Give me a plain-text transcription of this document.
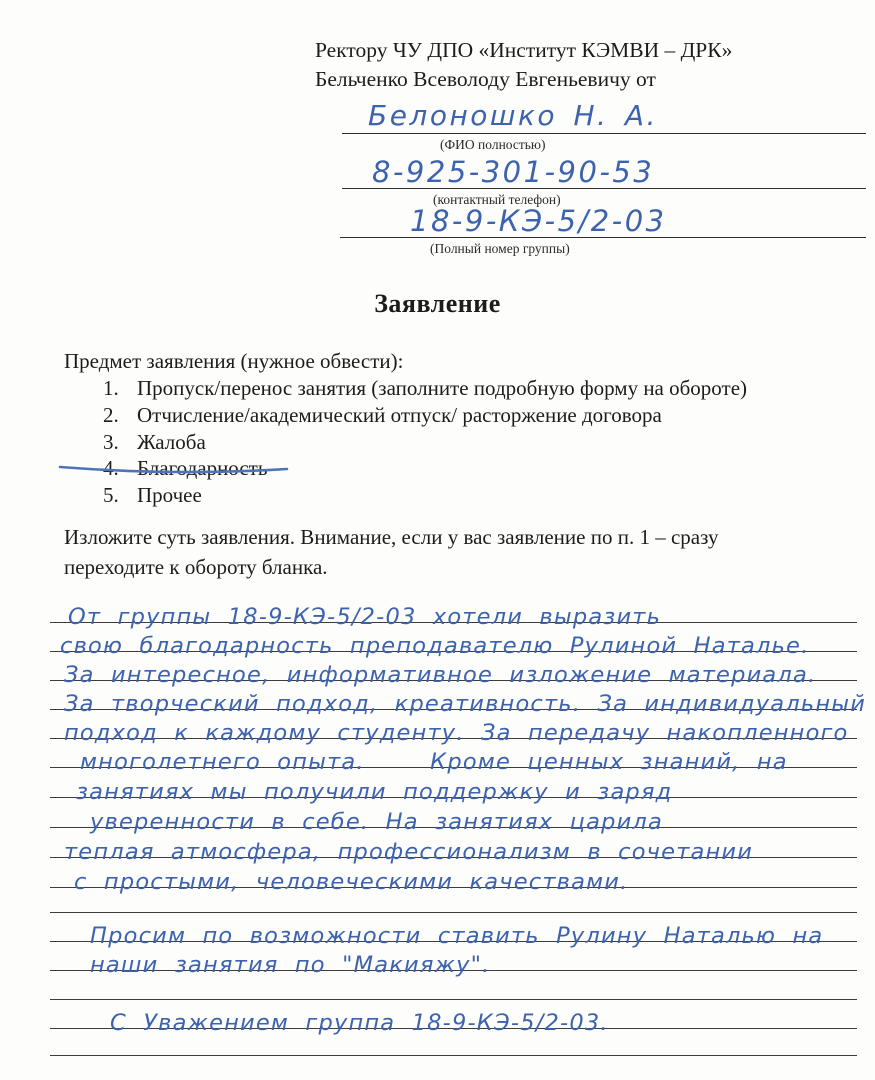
Ректору ЧУ ДПО «Институт КЭМВИ – ДРК»
Бельченко Всеволоду Евгеньевичу от
Белоношко Н. А.
(ФИО полностью)
8-925-301-90-53
(контактный телефон)
18-9-КЭ-5/2-03
(Полный номер группы)
Заявление
Предмет заявления (нужное обвести):
1. Пропуск/перенос занятия (заполните подробную форму на обороте)
2. Отчисление/академический отпуск/ расторжение договора
3. Жалоба
4. Благодарность
5. Прочее
Изложите суть заявления. Внимание, если у вас заявление по п. 1 – сразу переходите к обороту бланка.
От группы 18-9-КЭ-5/2-03 хотели выразить
свою благодарность преподавателю Рулиной Наталье.
За интересное, информативное изложение материала.
За творческий подход, креативность. За индивидуальный
подход к каждому студенту. За передачу накопленного
многолетнего опыта.    Кроме ценных знаний, на
занятиях мы получили поддержку и заряд
уверенности в себе. На занятиях царила
теплая атмосфера, профессионализм в сочетании
с простыми, человеческими качествами.
Просим по возможности ставить Рулину Наталью на
наши занятия по "Макияжу".
С Уважением группа 18-9-КЭ-5/2-03.
